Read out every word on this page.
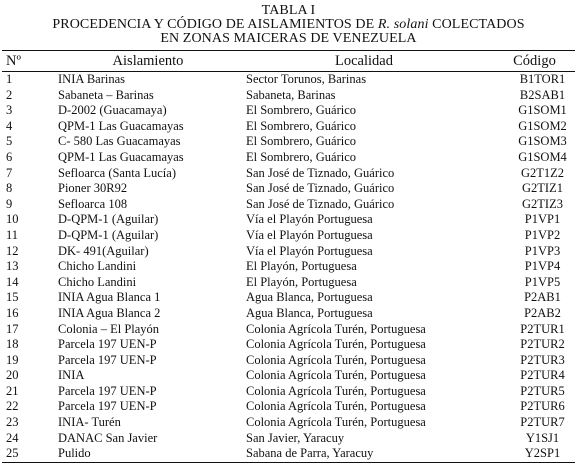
TABLA I
PROCEDENCIA Y CÓDIGO DE AISLAMIENTOS DE R. solani COLECTADOS
EN ZONAS MAICERAS DE VENEZUELA
Nº	Aislamiento	Localidad	Código
1	INIA Barinas	Sector Torunos, Barinas	B1TOR1
2	Sabaneta – Barinas	Sabaneta, Barinas	B2SAB1
3	D-2002 (Guacamaya)	El Sombrero, Guárico	G1SOM1
4	QPM-1 Las Guacamayas	El Sombrero, Guárico	G1SOM2
5	C- 580 Las Guacamayas	El Sombrero, Guárico	G1SOM3
6	QPM-1 Las Guacamayas	El Sombrero, Guárico	G1SOM4
7	Sefloarca (Santa Lucía)	San José de Tiznado, Guárico	G2T1Z2
8	Pioner 30R92	San José de Tiznado, Guárico	G2TIZ1
9	Sefloarca 108	San José de Tiznado, Guárico	G2TIZ3
10	D-QPM-1 (Aguilar)	Vía el Playón Portuguesa	P1VP1
11	D-QPM-1 (Aguilar)	Vía el Playón Portuguesa	P1VP2
12	DK- 491(Aguilar)	Vía el Playón Portuguesa	P1VP3
13	Chicho Landini	El Playón, Portuguesa	P1VP4
14	Chicho Landini	El Playón, Portuguesa	P1VP5
15	INIA Agua Blanca 1	Agua Blanca, Portuguesa	P2AB1
16	INIA Agua Blanca 2	Agua Blanca, Portuguesa	P2AB2
17	Colonia – El Playón	Colonia Agrícola Turén, Portuguesa	P2TUR1
18	Parcela 197 UEN-P	Colonia Agrícola Turén, Portuguesa	P2TUR2
19	Parcela 197 UEN-P	Colonia Agrícola Turén, Portuguesa	P2TUR3
20	INIA	Colonia Agrícola Turén, Portuguesa	P2TUR4
21	Parcela 197 UEN-P	Colonia Agrícola Turén, Portuguesa	P2TUR5
22	Parcela 197 UEN-P	Colonia Agrícola Turén, Portuguesa	P2TUR6
23	INIA- Turén	Colonia Agrícola Turén, Portuguesa	P2TUR7
24	DANAC San Javier	San Javier, Yaracuy	Y1SJ1
25	Pulido	Sabana de Parra, Yaracuy	Y2SP1
